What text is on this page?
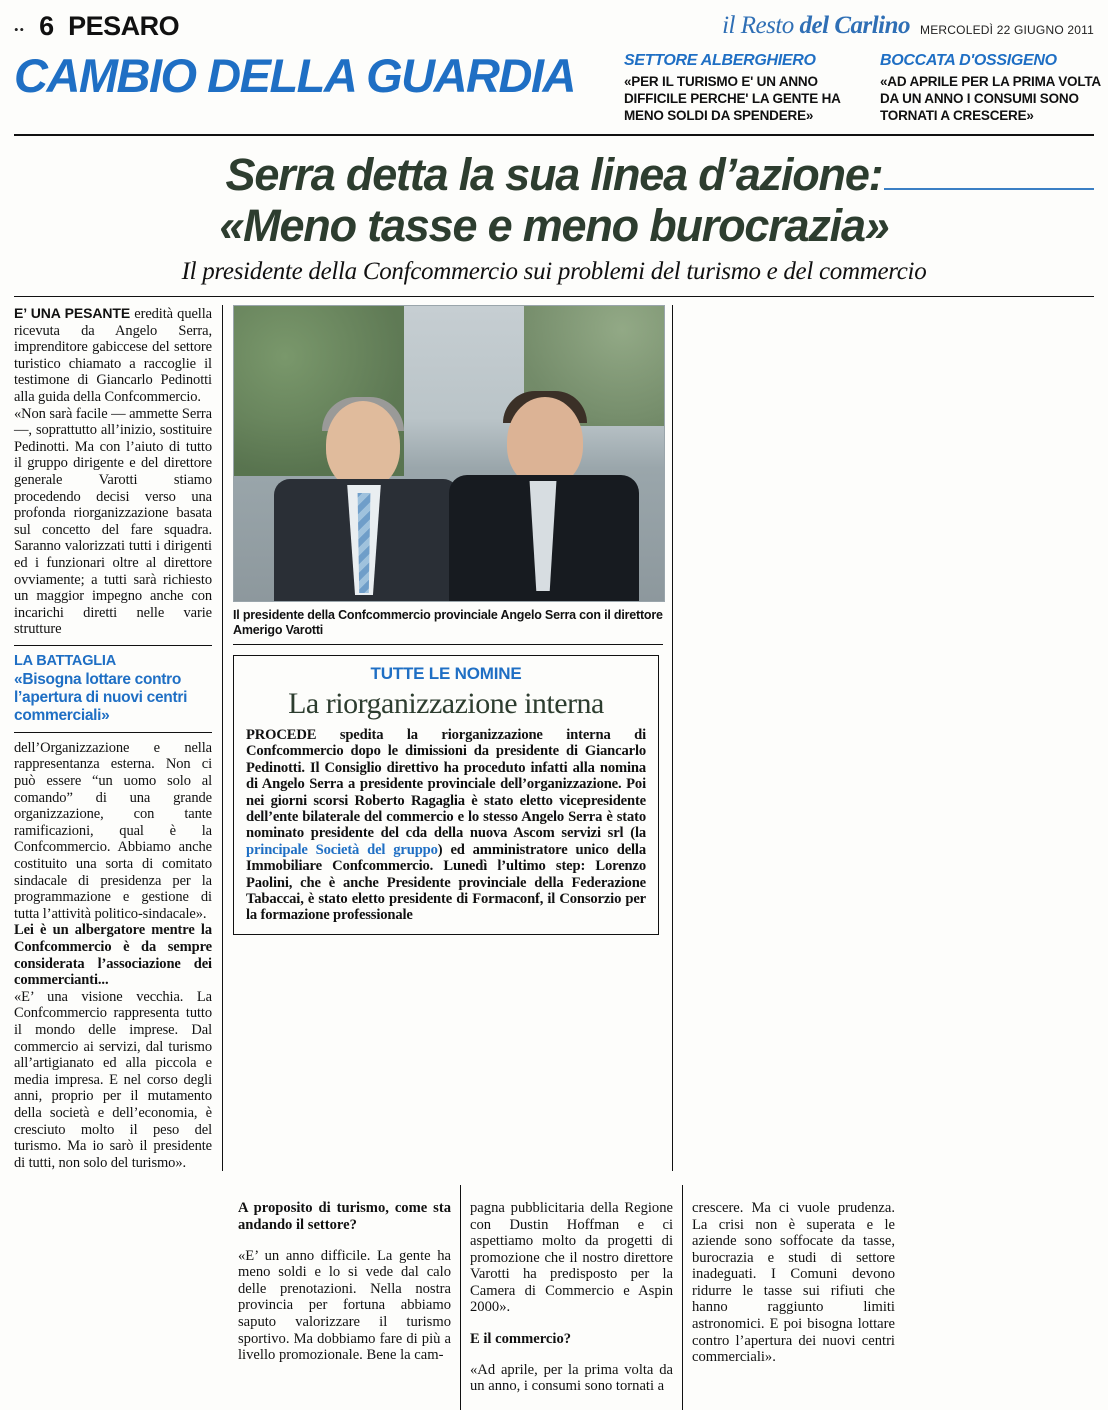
•• 6 PESARO	il Resto del Carlino MERCOLEDÌ 22 GIUGNO 2011
CAMBIO DELLA GUARDIA	SETTORE ALBERGHIERO
«PER IL TURISMO E' UN ANNO DIFFICILE PERCHE' LA GENTE HA MENO SOLDI DA SPENDERE»
BOCCATA D'OSSIGENO
«AD APRILE PER LA PRIMA VOLTA DA UN ANNO I CONSUMI SONO TORNATI A CRESCERE»
Serra detta la sua linea d’azione:
«Meno tasse e meno burocrazia»
Il presidente della Confcommercio sui problemi del turismo e del commercio

E’ UNA PESANTE eredità quella ricevuta da Angelo Serra, imprenditore gabiccese del settore turistico chiamato a raccoglie il testimone di Giancarlo Pedinotti alla guida della Confcommercio.

«Non sarà facile — ammette Serra —, soprattutto all’inizio, sostituire Pedinotti. Ma con l’aiuto di tutto il gruppo dirigente e del direttore generale Varotti stiamo procedendo decisi verso una profonda riorganizzazione basata sul concetto del fare squadra. Saranno valorizzati tutti i dirigenti ed i funzionari oltre al direttore ovviamente; a tutti sarà richiesto un maggior impegno anche con incarichi diretti nelle varie strutture

LA BATTAGLIA
«Bisogna lottare contro l’apertura di nuovi centri commerciali»

dell’Organizzazione e nella rappresentanza esterna. Non ci può essere “un uomo solo al comando” di una grande organizzazione, con tante ramificazioni, qual è la Confcommercio. Abbiamo anche costituito una sorta di comitato sindacale di presidenza per la programmazione e gestione di tutta l’attività politico-sindacale».

Lei è un albergatore mentre la Confcommercio è da sempre considerata l’associazione dei commercianti...

«E’ una visione vecchia. La Confcommercio rappresenta tutto il mondo delle imprese. Dal commercio ai servizi, dal turismo all’artigianato ed alla piccola e media impresa. E nel corso degli anni, proprio per il mutamento della società e dell’economia, è cresciuto molto il peso del turismo. Ma io sarò il presidente di tutti, non solo del turismo».

Il presidente della Confcommercio provinciale Angelo Serra con il direttore Amerigo Varotti
TUTTE LE NOMINE
La riorganizzazione interna
PROCEDE spedita la riorganizzazione interna di Confcommercio dopo le dimissioni da presidente di Giancarlo Pedinotti. Il Consiglio direttivo ha proceduto infatti alla nomina di Angelo Serra a presidente provinciale dell’organizzazione. Poi nei giorni scorsi Roberto Ragaglia è stato eletto vicepresidente dell’ente bilaterale del commercio e lo stesso Angelo Serra è stato nominato presidente del cda della nuova Ascom servizi srl (la principale Società del gruppo) ed amministratore unico della Immobiliare Confcommercio. Lunedì l’ultimo step: Lorenzo Paolini, che è anche Presidente provinciale della Federazione Tabaccai, è stato eletto presidente di Formaconf, il Consorzio per la formazione professionale

A proposito di turismo, come sta andando il settore?

«E’ un anno difficile. La gente ha meno soldi e lo si vede dal calo delle prenotazioni. Nella nostra provincia per fortuna abbiamo saputo valorizzare il turismo sportivo. Ma dobbiamo fare di più a livello promozionale. Bene la cam-

pagna pubblicitaria della Regione con Dustin Hoffman e ci aspettiamo molto da progetti di promozione che il nostro direttore Varotti ha predisposto per la Camera di Commercio e Aspin 2000».

E il commercio?

«Ad aprile, per la prima volta da un anno, i consumi sono tornati a

crescere. Ma ci vuole prudenza. La crisi non è superata e le aziende sono soffocate da tasse, burocrazia e studi di settore inadeguati. I Comuni devono ridurre le tasse sui rifiuti che hanno raggiunto limiti astronomici. E poi bisogna lottare contro l’apertura dei nuovi centri commerciali».
